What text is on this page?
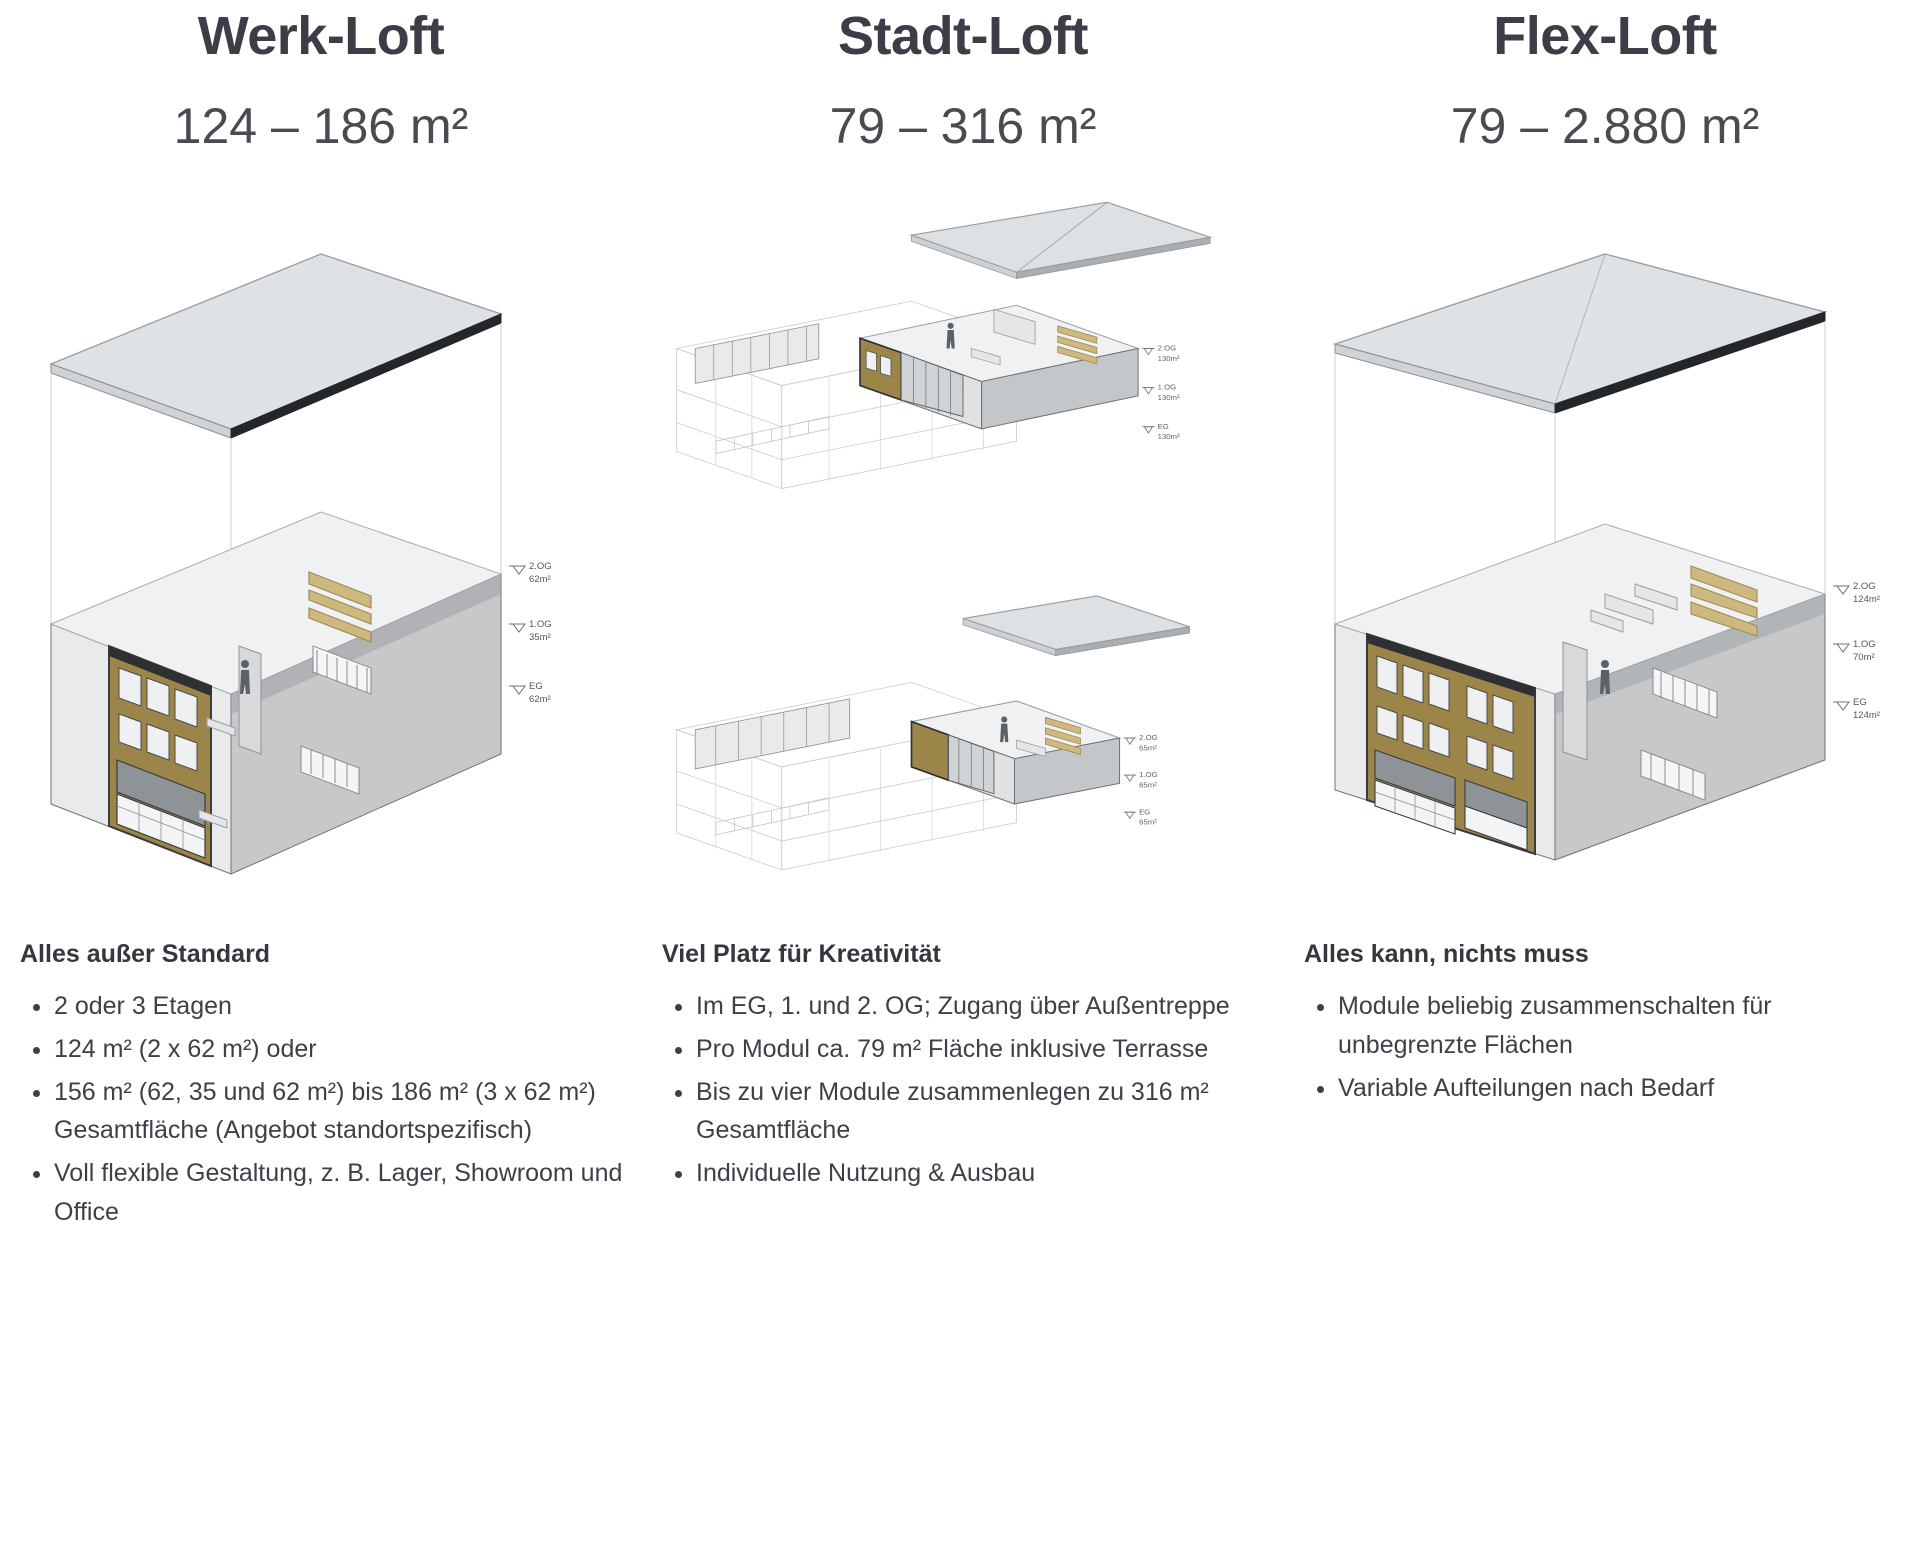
Werk-Loft
124 – 186 m²
2.OG
62m²
1.OG
35m²
EG
62m²
Alles außer Standard
• 2 oder 3 Etagen
• 124 m² (2 x 62 m²) oder
• 156 m² (62, 35 und 62 m²) bis 186 m² (3 x 62 m²) Gesamtfläche (Angebot standortspezifisch)
• Voll flexible Gestaltung, z. B. Lager, Showroom und Office
Stadt-Loft
79 – 316 m²
2.OG
130m²
1.OG
130m²
EG
130m²
2.OG
65m²
1.OG
65m²
EG
65m²
Viel Platz für Kreativität
• Im EG, 1. und 2. OG; Zugang über Außentreppe
• Pro Modul ca. 79 m² Fläche inklusive Terrasse
• Bis zu vier Module zusammenlegen zu 316 m² Gesamtfläche
• Individuelle Nutzung & Ausbau
Flex-Loft
79 – 2.880 m²
2.OG
124m²
1.OG
70m²
EG
124m²
Alles kann, nichts muss
• Module beliebig zusammenschalten für unbegrenzte Flächen
• Variable Aufteilungen nach Bedarf
